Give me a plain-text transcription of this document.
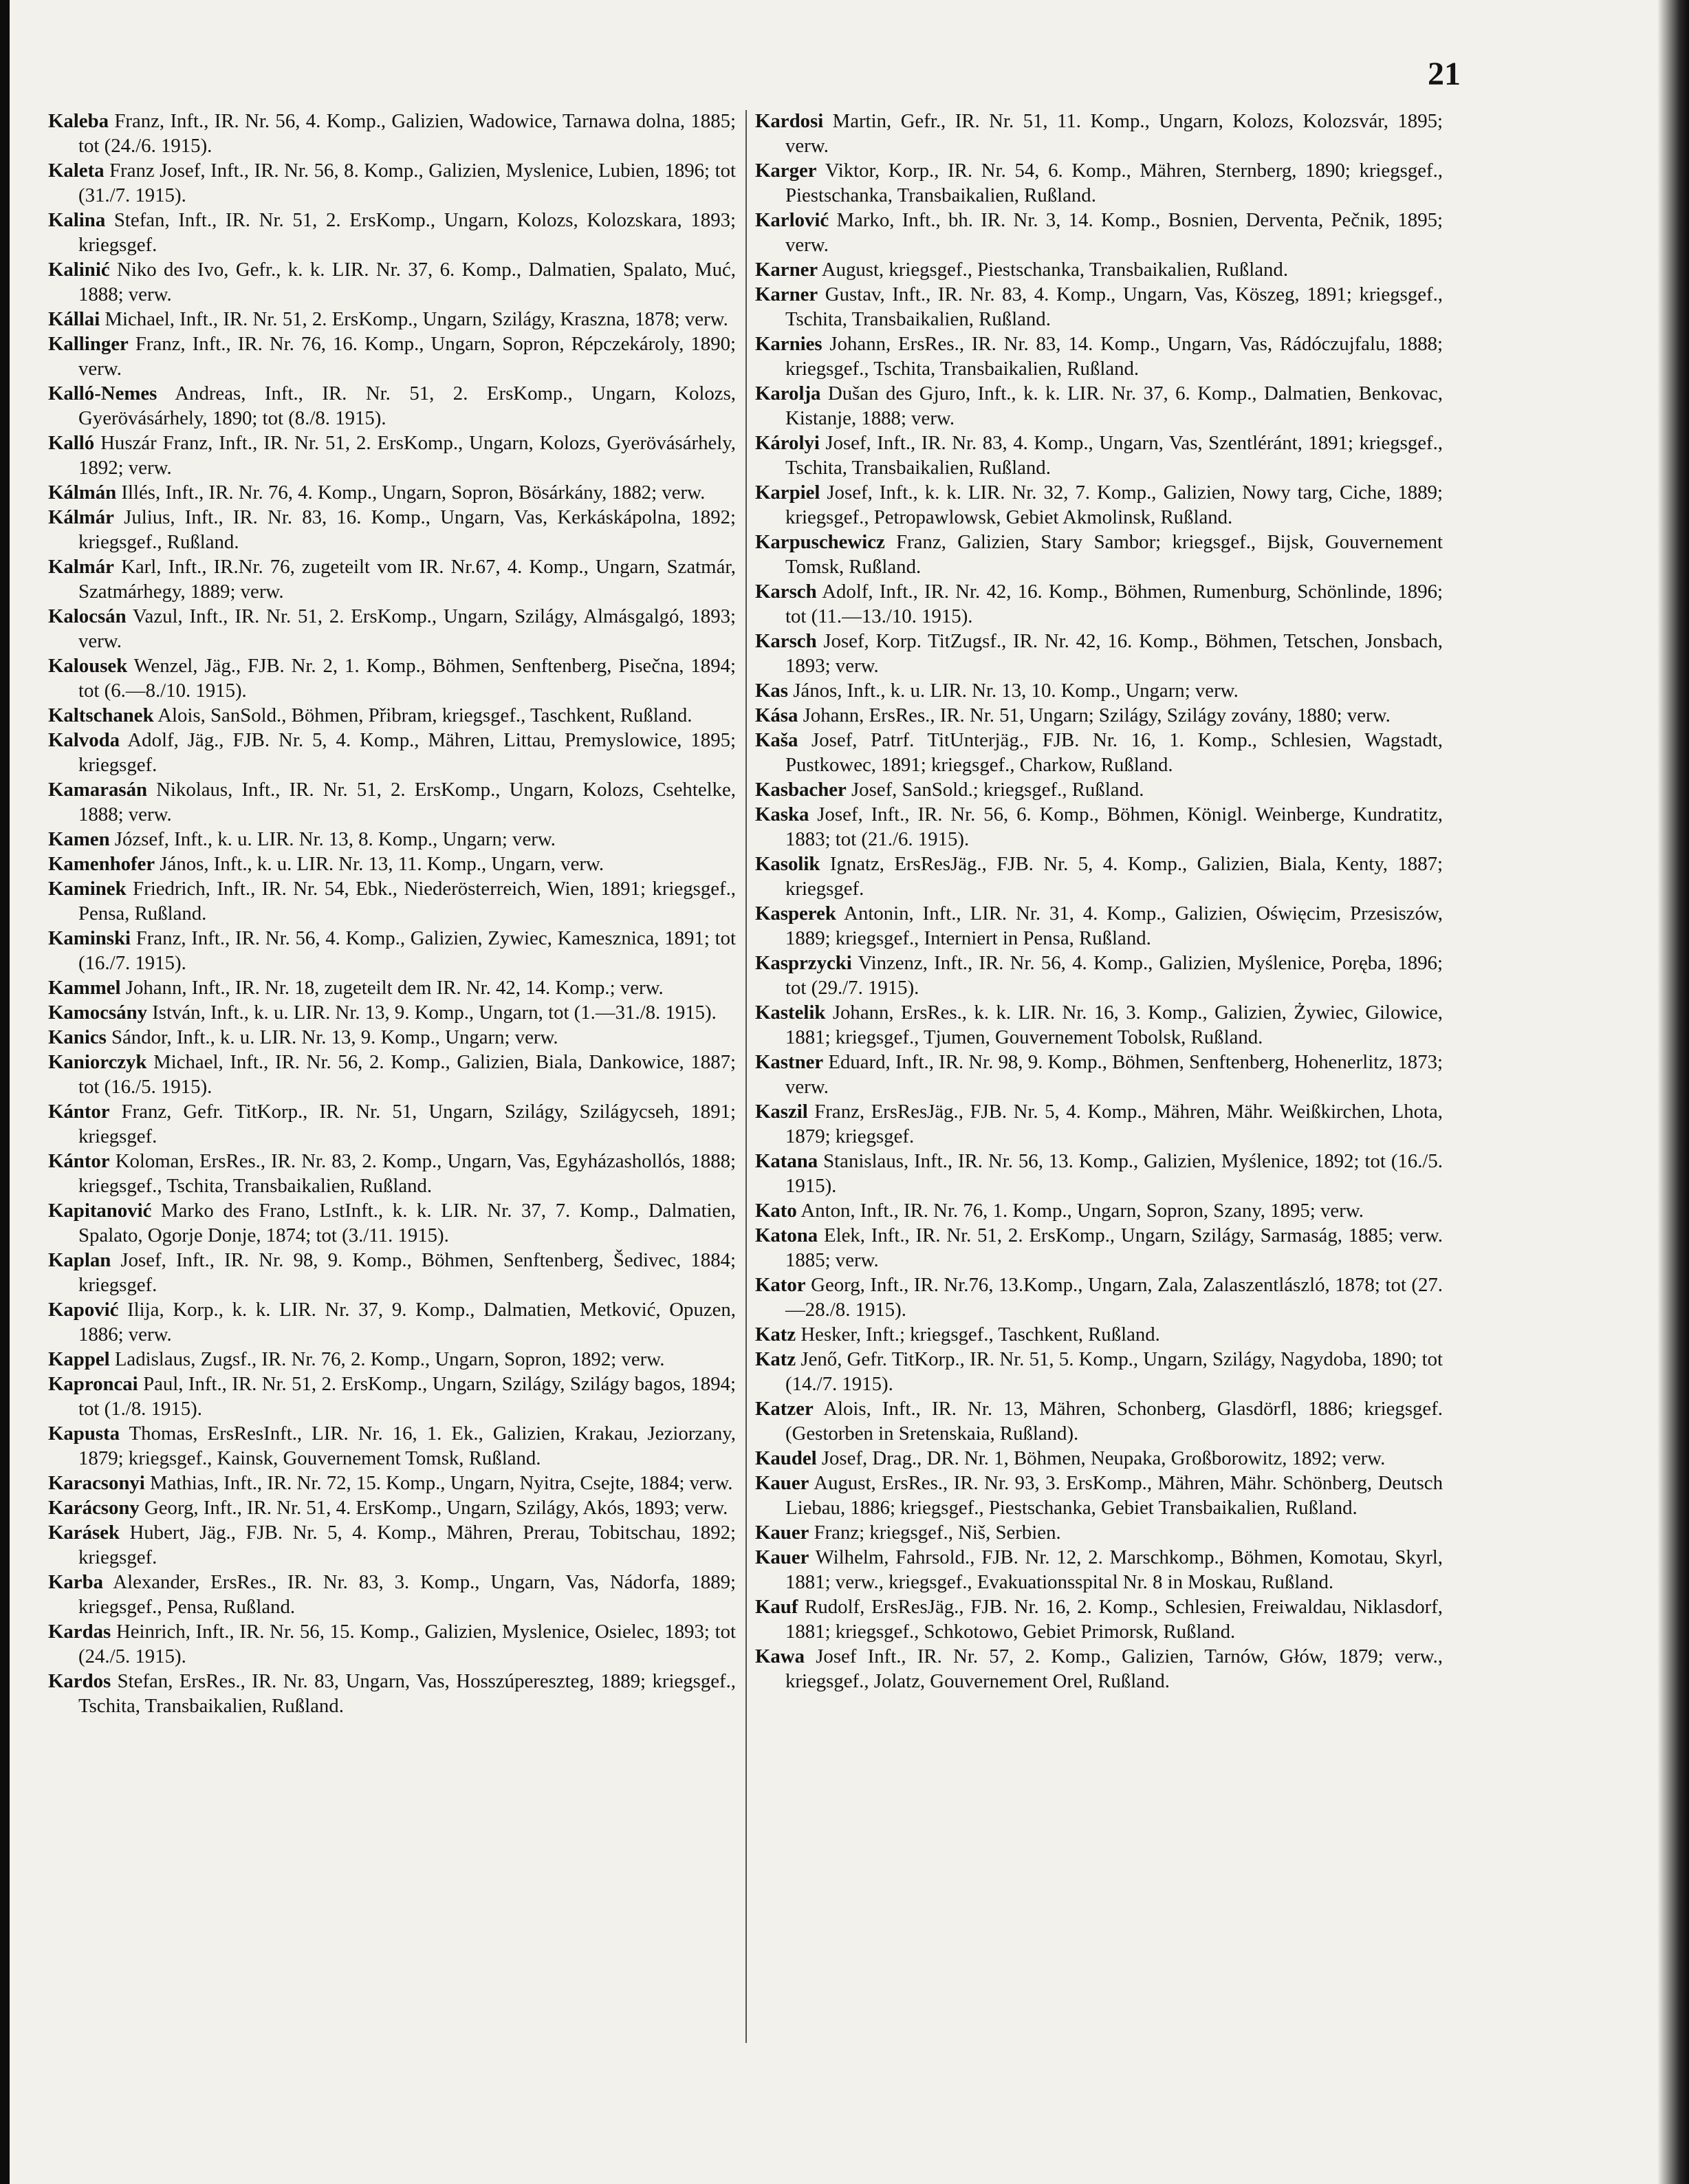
21
Kaleba Franz, Inft., IR. Nr. 56, 4. Komp., Galizien, Wadowice, Tarnawa dolna, 1885; tot (24./6. 1915).
Kaleta Franz Josef, Inft., IR. Nr. 56, 8. Komp., Galizien, Myslenice, Lubien, 1896; tot (31./7. 1915).
Kalina Stefan, Inft., IR. Nr. 51, 2. ErsKomp., Ungarn, Kolozs, Kolozskara, 1893; kriegsgef.
Kalinić Niko des Ivo, Gefr., k. k. LIR. Nr. 37, 6. Komp., Dalmatien, Spalato, Muć, 1888; verw.
Kállai Michael, Inft., IR. Nr. 51, 2. ErsKomp., Ungarn, Szilágy, Kraszna, 1878; verw.
Kallinger Franz, Inft., IR. Nr. 76, 16. Komp., Ungarn, Sopron, Répczekároly, 1890; verw.
Kalló-Nemes Andreas, Inft., IR. Nr. 51, 2. ErsKomp., Ungarn, Kolozs, Gyerövásárhely, 1890; tot (8./8. 1915).
Kalló Huszár Franz, Inft., IR. Nr. 51, 2. ErsKomp., Ungarn, Kolozs, Gyerövásárhely, 1892; verw.
Kálmán Illés, Inft., IR. Nr. 76, 4. Komp., Ungarn, Sopron, Bösárkány, 1882; verw.
Kálmár Julius, Inft., IR. Nr. 83, 16. Komp., Ungarn, Vas, Kerkáskápolna, 1892; kriegsgef., Rußland.
Kalmár Karl, Inft., IR.Nr. 76, zugeteilt vom IR. Nr.67, 4. Komp., Ungarn, Szatmár, Szatmárhegy, 1889; verw.
Kalocsán Vazul, Inft., IR. Nr. 51, 2. ErsKomp., Ungarn, Szilágy, Almásgalgó, 1893; verw.
Kalousek Wenzel, Jäg., FJB. Nr. 2, 1. Komp., Böhmen, Senftenberg, Pisečna, 1894; tot (6.—8./10. 1915).
Kaltschanek Alois, SanSold., Böhmen, Přibram, kriegsgef., Taschkent, Rußland.
Kalvoda Adolf, Jäg., FJB. Nr. 5, 4. Komp., Mähren, Littau, Premyslowice, 1895; kriegsgef.
Kamarasán Nikolaus, Inft., IR. Nr. 51, 2. ErsKomp., Ungarn, Kolozs, Csehtelke, 1888; verw.
Kamen József, Inft., k. u. LIR. Nr. 13, 8. Komp., Ungarn; verw.
Kamenhofer János, Inft., k. u. LIR. Nr. 13, 11. Komp., Ungarn, verw.
Kaminek Friedrich, Inft., IR. Nr. 54, Ebk., Niederösterreich, Wien, 1891; kriegsgef., Pensa, Rußland.
Kaminski Franz, Inft., IR. Nr. 56, 4. Komp., Galizien, Zywiec, Kamesznica, 1891; tot (16./7. 1915).
Kammel Johann, Inft., IR. Nr. 18, zugeteilt dem IR. Nr. 42, 14. Komp.; verw.
Kamocsány István, Inft., k. u. LIR. Nr. 13, 9. Komp., Ungarn, tot (1.—31./8. 1915).
Kanics Sándor, Inft., k. u. LIR. Nr. 13, 9. Komp., Ungarn; verw.
Kaniorczyk Michael, Inft., IR. Nr. 56, 2. Komp., Galizien, Biala, Dankowice, 1887; tot (16./5. 1915).
Kántor Franz, Gefr. TitKorp., IR. Nr. 51, Ungarn, Szilágy, Szilágycseh, 1891; kriegsgef.
Kántor Koloman, ErsRes., IR. Nr. 83, 2. Komp., Ungarn, Vas, Egyházashollós, 1888; kriegsgef., Tschita, Transbaikalien, Rußland.
Kapitanović Marko des Frano, LstInft., k. k. LIR. Nr. 37, 7. Komp., Dalmatien, Spalato, Ogorje Donje, 1874; tot (3./11. 1915).
Kaplan Josef, Inft., IR. Nr. 98, 9. Komp., Böhmen, Senftenberg, Šedivec, 1884; kriegsgef.
Kapović Ilija, Korp., k. k. LIR. Nr. 37, 9. Komp., Dalmatien, Metković, Opuzen, 1886; verw.
Kappel Ladislaus, Zugsf., IR. Nr. 76, 2. Komp., Ungarn, Sopron, 1892; verw.
Kaproncai Paul, Inft., IR. Nr. 51, 2. ErsKomp., Ungarn, Szilágy, Szilágy bagos, 1894; tot (1./8. 1915).
Kapusta Thomas, ErsResInft., LIR. Nr. 16, 1. Ek., Galizien, Krakau, Jeziorzany, 1879; kriegsgef., Kainsk, Gouvernement Tomsk, Rußland.
Karacsonyi Mathias, Inft., IR. Nr. 72, 15. Komp., Ungarn, Nyitra, Csejte, 1884; verw.
Karácsony Georg, Inft., IR. Nr. 51, 4. ErsKomp., Ungarn, Szilágy, Akós, 1893; verw.
Karásek Hubert, Jäg., FJB. Nr. 5, 4. Komp., Mähren, Prerau, Tobitschau, 1892; kriegsgef.
Karba Alexander, ErsRes., IR. Nr. 83, 3. Komp., Ungarn, Vas, Nádorfa, 1889; kriegsgef., Pensa, Rußland.
Kardas Heinrich, Inft., IR. Nr. 56, 15. Komp., Galizien, Myslenice, Osielec, 1893; tot (24./5. 1915).
Kardos Stefan, ErsRes., IR. Nr. 83, Ungarn, Vas, Hosszúpereszteg, 1889; kriegsgef., Tschita, Transbaikalien, Rußland.
Kardosi Martin, Gefr., IR. Nr. 51, 11. Komp., Ungarn, Kolozs, Kolozsvár, 1895; verw.
Karger Viktor, Korp., IR. Nr. 54, 6. Komp., Mähren, Sternberg, 1890; kriegsgef., Piestschanka, Transbaikalien, Rußland.
Karlović Marko, Inft., bh. IR. Nr. 3, 14. Komp., Bosnien, Derventa, Pečnik, 1895; verw.
Karner August, kriegsgef., Piestschanka, Transbaikalien, Rußland.
Karner Gustav, Inft., IR. Nr. 83, 4. Komp., Ungarn, Vas, Köszeg, 1891; kriegsgef., Tschita, Transbaikalien, Rußland.
Karnies Johann, ErsRes., IR. Nr. 83, 14. Komp., Ungarn, Vas, Rádóczujfalu, 1888; kriegsgef., Tschita, Transbaikalien, Rußland.
Karolja Dušan des Gjuro, Inft., k. k. LIR. Nr. 37, 6. Komp., Dalmatien, Benkovac, Kistanje, 1888; verw.
Károlyi Josef, Inft., IR. Nr. 83, 4. Komp., Ungarn, Vas, Szentléránt, 1891; kriegsgef., Tschita, Transbaikalien, Rußland.
Karpiel Josef, Inft., k. k. LIR. Nr. 32, 7. Komp., Galizien, Nowy targ, Ciche, 1889; kriegsgef., Petropawlowsk, Gebiet Akmolinsk, Rußland.
Karpuschewicz Franz, Galizien, Stary Sambor; kriegsgef., Bijsk, Gouvernement Tomsk, Rußland.
Karsch Adolf, Inft., IR. Nr. 42, 16. Komp., Böhmen, Rumenburg, Schönlinde, 1896; tot (11.—13./10. 1915).
Karsch Josef, Korp. TitZugsf., IR. Nr. 42, 16. Komp., Böhmen, Tetschen, Jonsbach, 1893; verw.
Kas János, Inft., k. u. LIR. Nr. 13, 10. Komp., Ungarn; verw.
Kása Johann, ErsRes., IR. Nr. 51, Ungarn; Szilágy, Szilágy zovány, 1880; verw.
Kaša Josef, Patrf. TitUnterjäg., FJB. Nr. 16, 1. Komp., Schlesien, Wagstadt, Pustkowec, 1891; kriegsgef., Charkow, Rußland.
Kasbacher Josef, SanSold.; kriegsgef., Rußland.
Kaska Josef, Inft., IR. Nr. 56, 6. Komp., Böhmen, Königl. Weinberge, Kundratitz, 1883; tot (21./6. 1915).
Kasolik Ignatz, ErsResJäg., FJB. Nr. 5, 4. Komp., Galizien, Biala, Kenty, 1887; kriegsgef.
Kasperek Antonin, Inft., LIR. Nr. 31, 4. Komp., Galizien, Oświęcim, Przesiszów, 1889; kriegsgef., Interniert in Pensa, Rußland.
Kasprzycki Vinzenz, Inft., IR. Nr. 56, 4. Komp., Galizien, Myślenice, Poręba, 1896; tot (29./7. 1915).
Kastelik Johann, ErsRes., k. k. LIR. Nr. 16, 3. Komp., Galizien, Żywiec, Gilowice, 1881; kriegsgef., Tjumen, Gouvernement Tobolsk, Rußland.
Kastner Eduard, Inft., IR. Nr. 98, 9. Komp., Böhmen, Senftenberg, Hohenerlitz, 1873; verw.
Kaszil Franz, ErsResJäg., FJB. Nr. 5, 4. Komp., Mähren, Mähr. Weißkirchen, Lhota, 1879; kriegsgef.
Katana Stanislaus, Inft., IR. Nr. 56, 13. Komp., Galizien, Myślenice, 1892; tot (16./5. 1915).
Kato Anton, Inft., IR. Nr. 76, 1. Komp., Ungarn, Sopron, Szany, 1895; verw.
Katona Elek, Inft., IR. Nr. 51, 2. ErsKomp., Ungarn, Szilágy, Sarmaság, 1885; verw. 1885; verw.
Kator Georg, Inft., IR. Nr.76, 13.Komp., Ungarn, Zala, Zalaszentlászló, 1878; tot (27.—28./8. 1915).
Katz Hesker, Inft.; kriegsgef., Taschkent, Rußland.
Katz Jenő, Gefr. TitKorp., IR. Nr. 51, 5. Komp., Ungarn, Szilágy, Nagydoba, 1890; tot (14./7. 1915).
Katzer Alois, Inft., IR. Nr. 13, Mähren, Schonberg, Glasdörfl, 1886; kriegsgef. (Gestorben in Sretenskaia, Rußland).
Kaudel Josef, Drag., DR. Nr. 1, Böhmen, Neupaka, Großborowitz, 1892; verw.
Kauer August, ErsRes., IR. Nr. 93, 3. ErsKomp., Mähren, Mähr. Schönberg, Deutsch Liebau, 1886; kriegsgef., Piestschanka, Gebiet Transbaikalien, Rußland.
Kauer Franz; kriegsgef., Niš, Serbien.
Kauer Wilhelm, Fahrsold., FJB. Nr. 12, 2. Marschkomp., Böhmen, Komotau, Skyrl, 1881; verw., kriegsgef., Evakuationsspital Nr. 8 in Moskau, Rußland.
Kauf Rudolf, ErsResJäg., FJB. Nr. 16, 2. Komp., Schlesien, Freiwaldau, Niklasdorf, 1881; kriegsgef., Schkotowo, Gebiet Primorsk, Rußland.
Kawa Josef Inft., IR. Nr. 57, 2. Komp., Galizien, Tarnów, Głów, 1879; verw., kriegsgef., Jolatz, Gouvernement Orel, Rußland.
